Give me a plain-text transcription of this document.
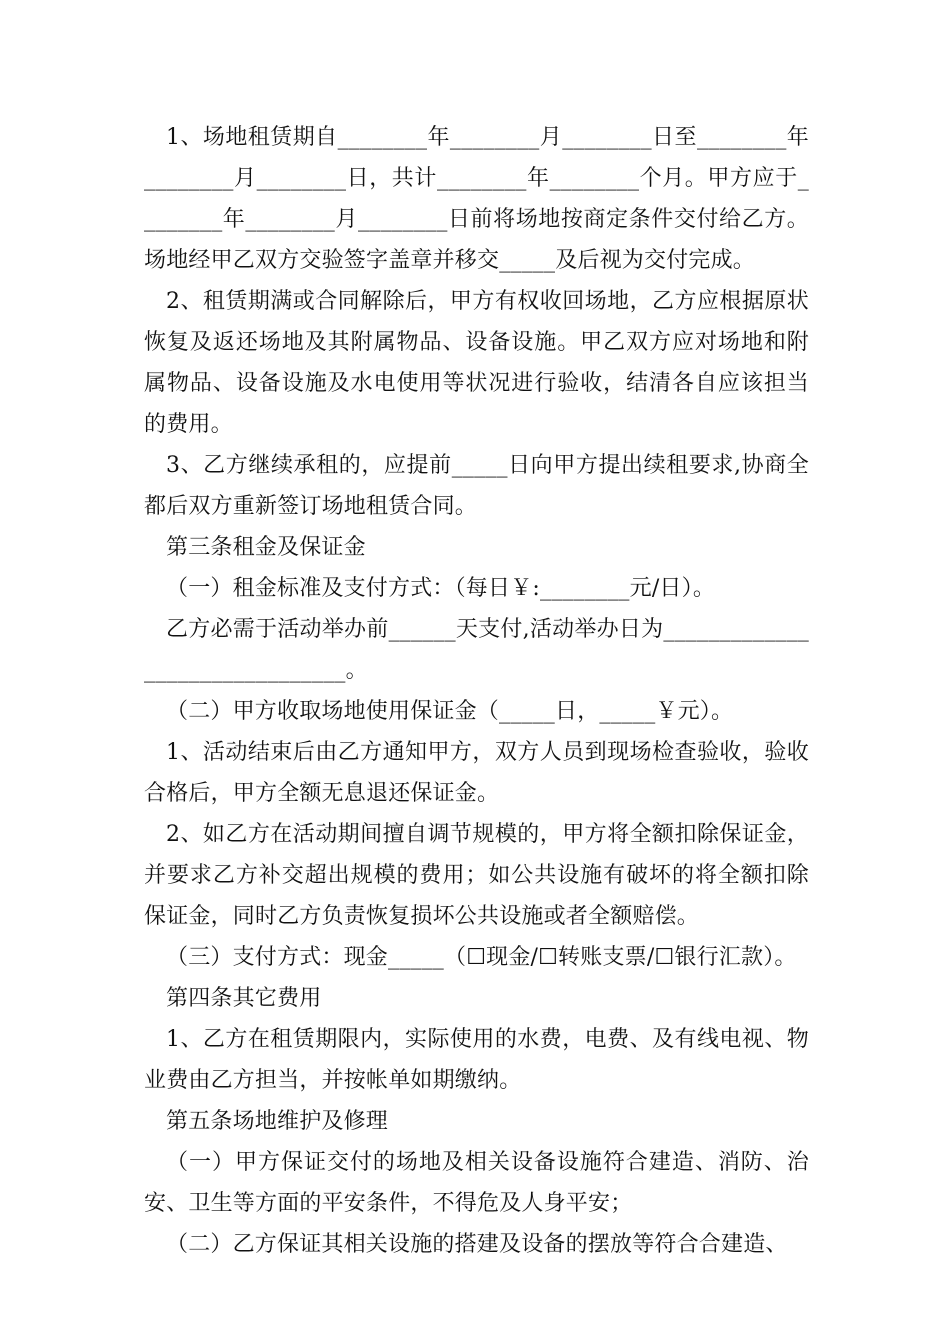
1、场地租赁期自________年________月________日至________年________月________日，共计________年________个月。甲方应于________年________月________日前将场地按商定条件交付给乙方。场地经甲乙双方交验签字盖章并移交_____及后视为交付完成。

2、租赁期满或合同解除后，甲方有权收回场地，乙方应根据原状恢复及返还场地及其附属物品、设备设施。甲乙双方应对场地和附属物品、设备设施及水电使用等状况进行验收，结清各自应该担当的费用。

3、乙方继续承租的，应提前_____日向甲方提出续租要求,协商全都后双方重新签订场地租赁合同。

第三条租金及保证金

（一）租金标准及支付方式：（每日￥:________元/日）。

乙方必需于活动举办前______天支付,活动举办日为_______________________________。

（二）甲方收取场地使用保证金（_____日，_____￥元）。

1、活动结束后由乙方通知甲方，双方人员到现场检查验收，验收合格后，甲方全额无息退还保证金。

2、如乙方在活动期间擅自调节规模的，甲方将全额扣除保证金，并要求乙方补交超出规模的费用；如公共设施有破坏的将全额扣除保证金，同时乙方负责恢复损坏公共设施或者全额赔偿。

（三）支付方式：现金_____（☐现金/☐转账支票/☐银行汇款）。

第四条其它费用

1、乙方在租赁期限内，实际使用的水费，电费、及有线电视、物业费由乙方担当，并按帐单如期缴纳。

第五条场地维护及修理

（一）甲方保证交付的场地及相关设备设施符合建造、消防、治安、卫生等方面的平安条件，不得危及人身平安；

（二）乙方保证其相关设施的搭建及设备的摆放等符合合建造、
